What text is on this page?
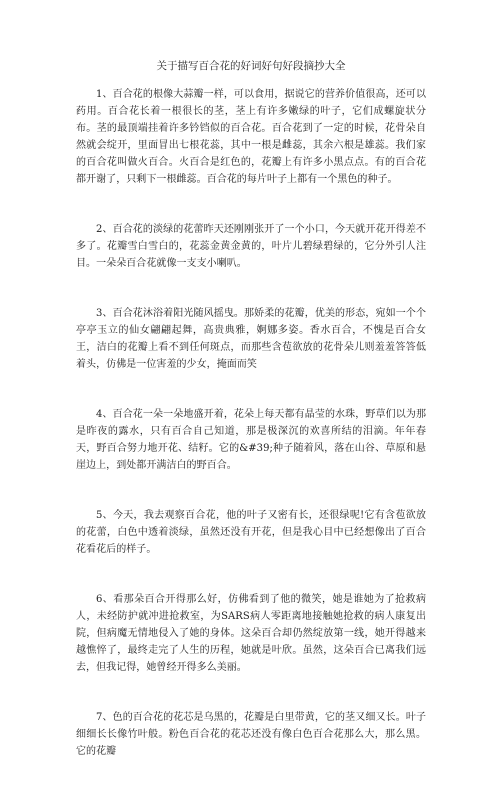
关于描写百合花的好词好句好段摘抄大全

1、百合花的根像大蒜瓣一样，可以食用，据说它的营养价值很高，还可以药用。百合花长着一根很长的茎，茎上有许多嫩绿的叶子，它们成螺旋状分布。茎的最顶端挂着许多钤铛似的百合花。百合花到了一定的时候，花骨朵自然就会绽开，里面冒出七根花蕊，其中一根是雌蕊，其余六根是雄蕊。我们家的百合花叫做火百合。火百合是红色的，花瓣上有许多小黑点点。有的百合花都开谢了，只剩下一根雌蕊。百合花的每片叶子上都有一个黑色的种子。

2、百合花的淡绿的花蕾昨天还刚刚张开了一个小口，今天就开花开得差不多了。花瓣雪白雪白的，花蕊金黄金黄的，叶片儿碧绿碧绿的，它分外引人注目。一朵朵百合花就像一支支小喇叭。

3、百合花沐浴着阳光随风摇曳。那娇柔的花瓣，优美的形态，宛如一个个亭亭玉立的仙女翩翩起舞，高贵典雅，婀娜多姿。香水百合，不愧是百合女王，洁白的花瓣上看不到任何斑点，而那些含苞欲放的花骨朵儿则羞羞答答低着头，仿佛是一位害羞的少女，掩面而笑

4、百合花一朵一朵地盛开着，花朵上每天都有晶莹的水珠，野草们以为那是昨夜的露水，只有百合自己知道，那是极深沉的欢喜所结的泪滴。年年春天，野百合努力地开花、结籽。它的&#39;种子随着风，落在山谷、草原和悬崖边上，到处都开满洁白的野百合。

5、今天，我去观察百合花，他的叶子又密有长，还很绿呢!它有含苞欲放的花蕾，白色中透着淡绿，虽然还没有开花，但是我心目中已经想像出了百合花看花后的样子。

6、看那朵百合开得那么好，仿佛看到了他的微笑，她是谁她为了抢救病人，未经防护就冲进抢救室，为SARS病人零距离地接触她抢救的病人康复出院，但病魔无情地侵入了她的身体。这朵百合却仍然绽放第一线，她开得越来越憔悴了，最终走完了人生的历程，她就是叶欣。虽然，这朵百合已离我们远去，但我记得，她曾经开得多么美丽。

7、色的百合花的花芯是乌黑的，花瓣是白里带黄，它的茎又细又长。叶子细细长长像竹叶般。粉色百合花的花芯还没有像白色百合花那么大，那么黑。它的花瓣
